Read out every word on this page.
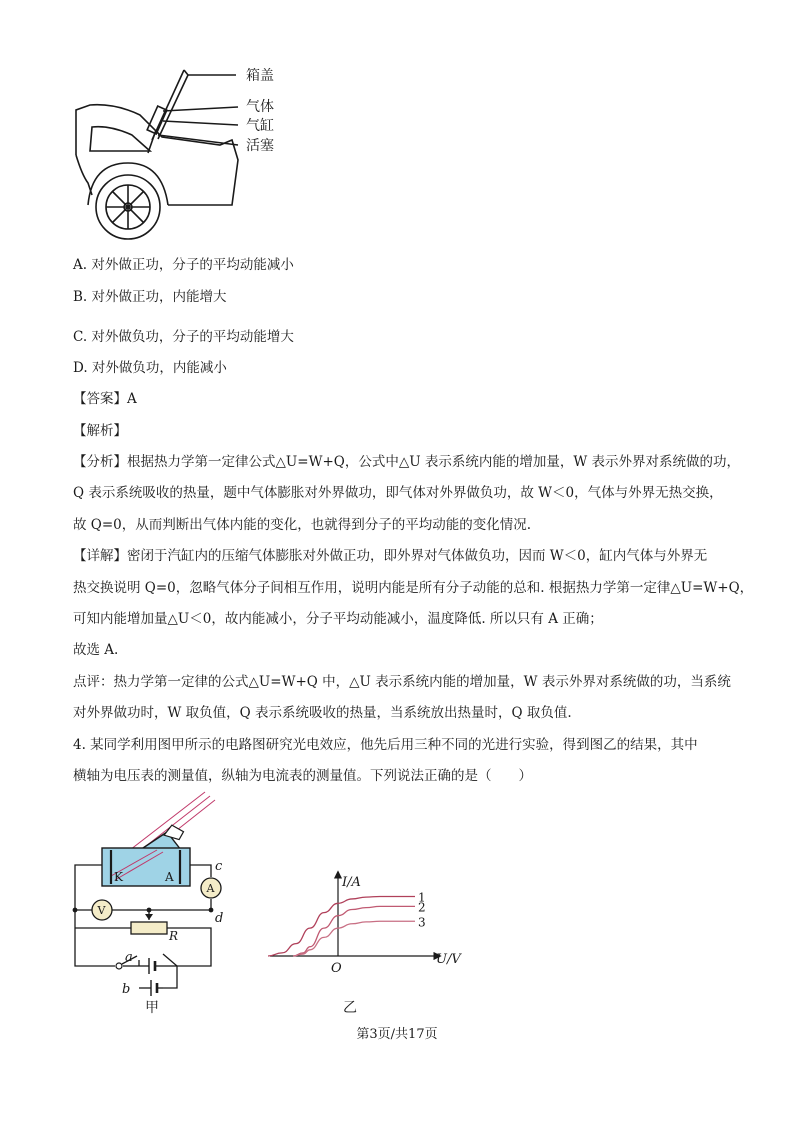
箱盖
气体
气缸
活塞
A. 对外做正功，分子的平均动能减小
B. 对外做正功，内能增大
C. 对外做负功，分子的平均动能增大
D. 对外做负功，内能减小
【答案】A
【解析】
【分析】根据热力学第一定律公式△U=W+Q，公式中△U 表示系统内能的增加量，W 表示外界对系统做的功，
Q 表示系统吸收的热量，题中气体膨胀对外界做功，即气体对外界做负功，故 W＜0，气体与外界无热交换，
故 Q=0，从而判断出气体内能的变化，也就得到分子的平均动能的变化情况.
【详解】密闭于汽缸内的压缩气体膨胀对外做正功，即外界对气体做负功，因而 W＜0，缸内气体与外界无
热交换说明 Q=0，忽略气体分子间相互作用，说明内能是所有分子动能的总和. 根据热力学第一定律△U=W+Q，
可知内能增加量△U＜0，故内能减小，分子平均动能减小，温度降低. 所以只有 A 正确；
故选 A.
点评：热力学第一定律的公式△U=W+Q 中，△U 表示系统内能的增加量，W 表示外界对系统做的功，当系统
对外界做功时，W 取负值，Q 表示系统吸收的热量，当系统放出热量时，Q 取负值.
4. 某同学利用图甲所示的电路图研究光电效应，他先后用三种不同的光进行实验，得到图乙的结果，其中
横轴为电压表的测量值，纵轴为电流表的测量值。下列说法正确的是（　　）
K	A
R
A
V
c
d
a
b
甲
I/A
U/V
O
1
2
3
乙
第3页/共17页
